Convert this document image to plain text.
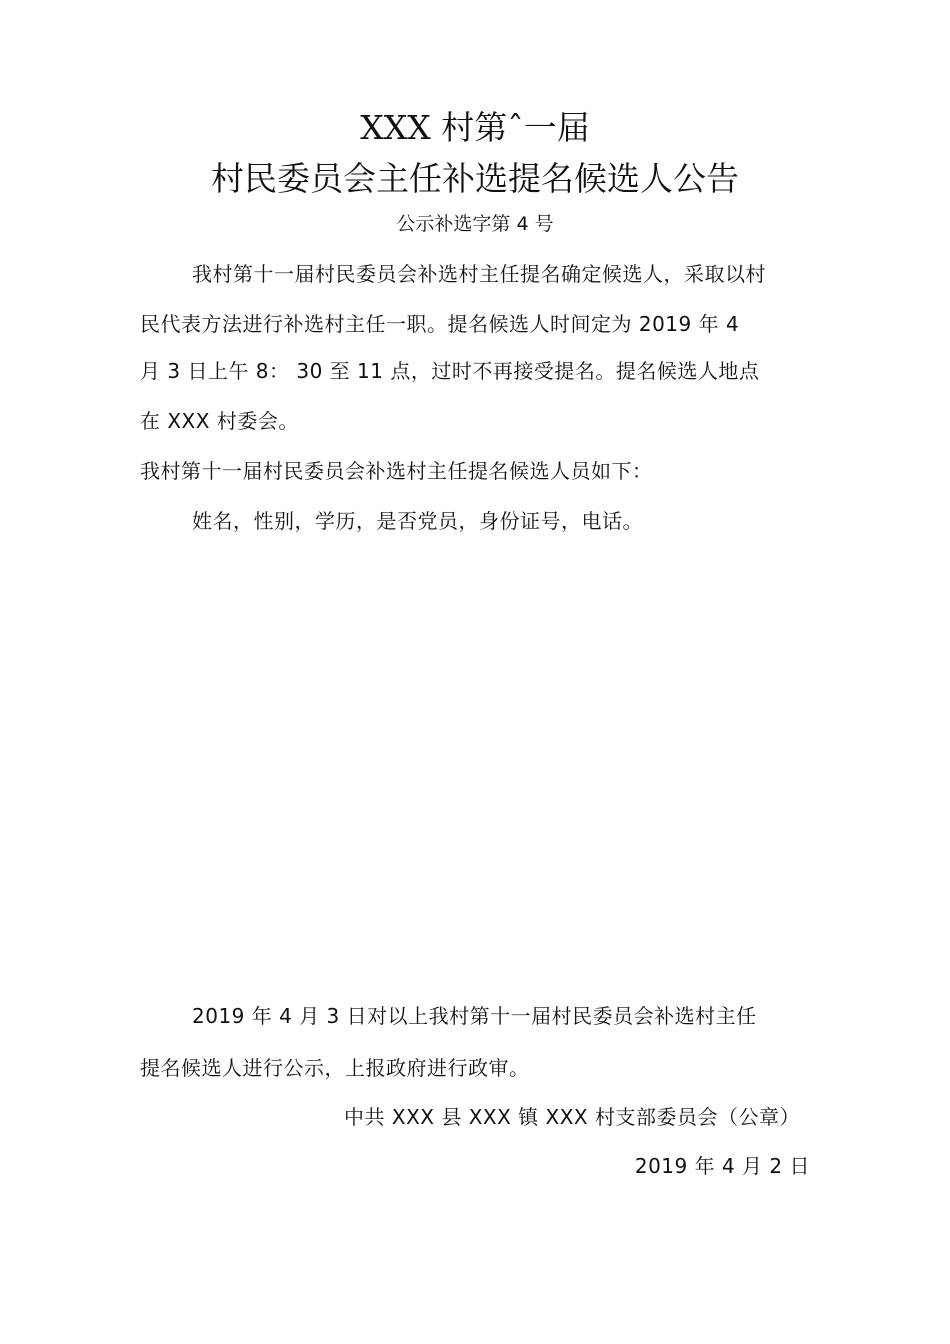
XXX 村第ˆ一届
村民委员会主任补选提名候选人公告
公示补选字第 4 号
我村第十一届村民委员会补选村主任提名确定候选人，采取以村
民代表方法进行补选村主任一职。提名候选人时间定为 2019 年 4
月 3 日上午 8： 30 至 11 点，过时不再接受提名。提名候选人地点
在 XXX 村委会。
我村第十一届村民委员会补选村主任提名候选人员如下：
姓名，性别，学历，是否党员，身份证号，电话。
2019 年 4 月 3 日对以上我村第十一届村民委员会补选村主任
提名候选人进行公示，上报政府进行政审。
中共 XXX 县 XXX 镇 XXX 村支部委员会（公章）
2019 年 4 月 2 日
